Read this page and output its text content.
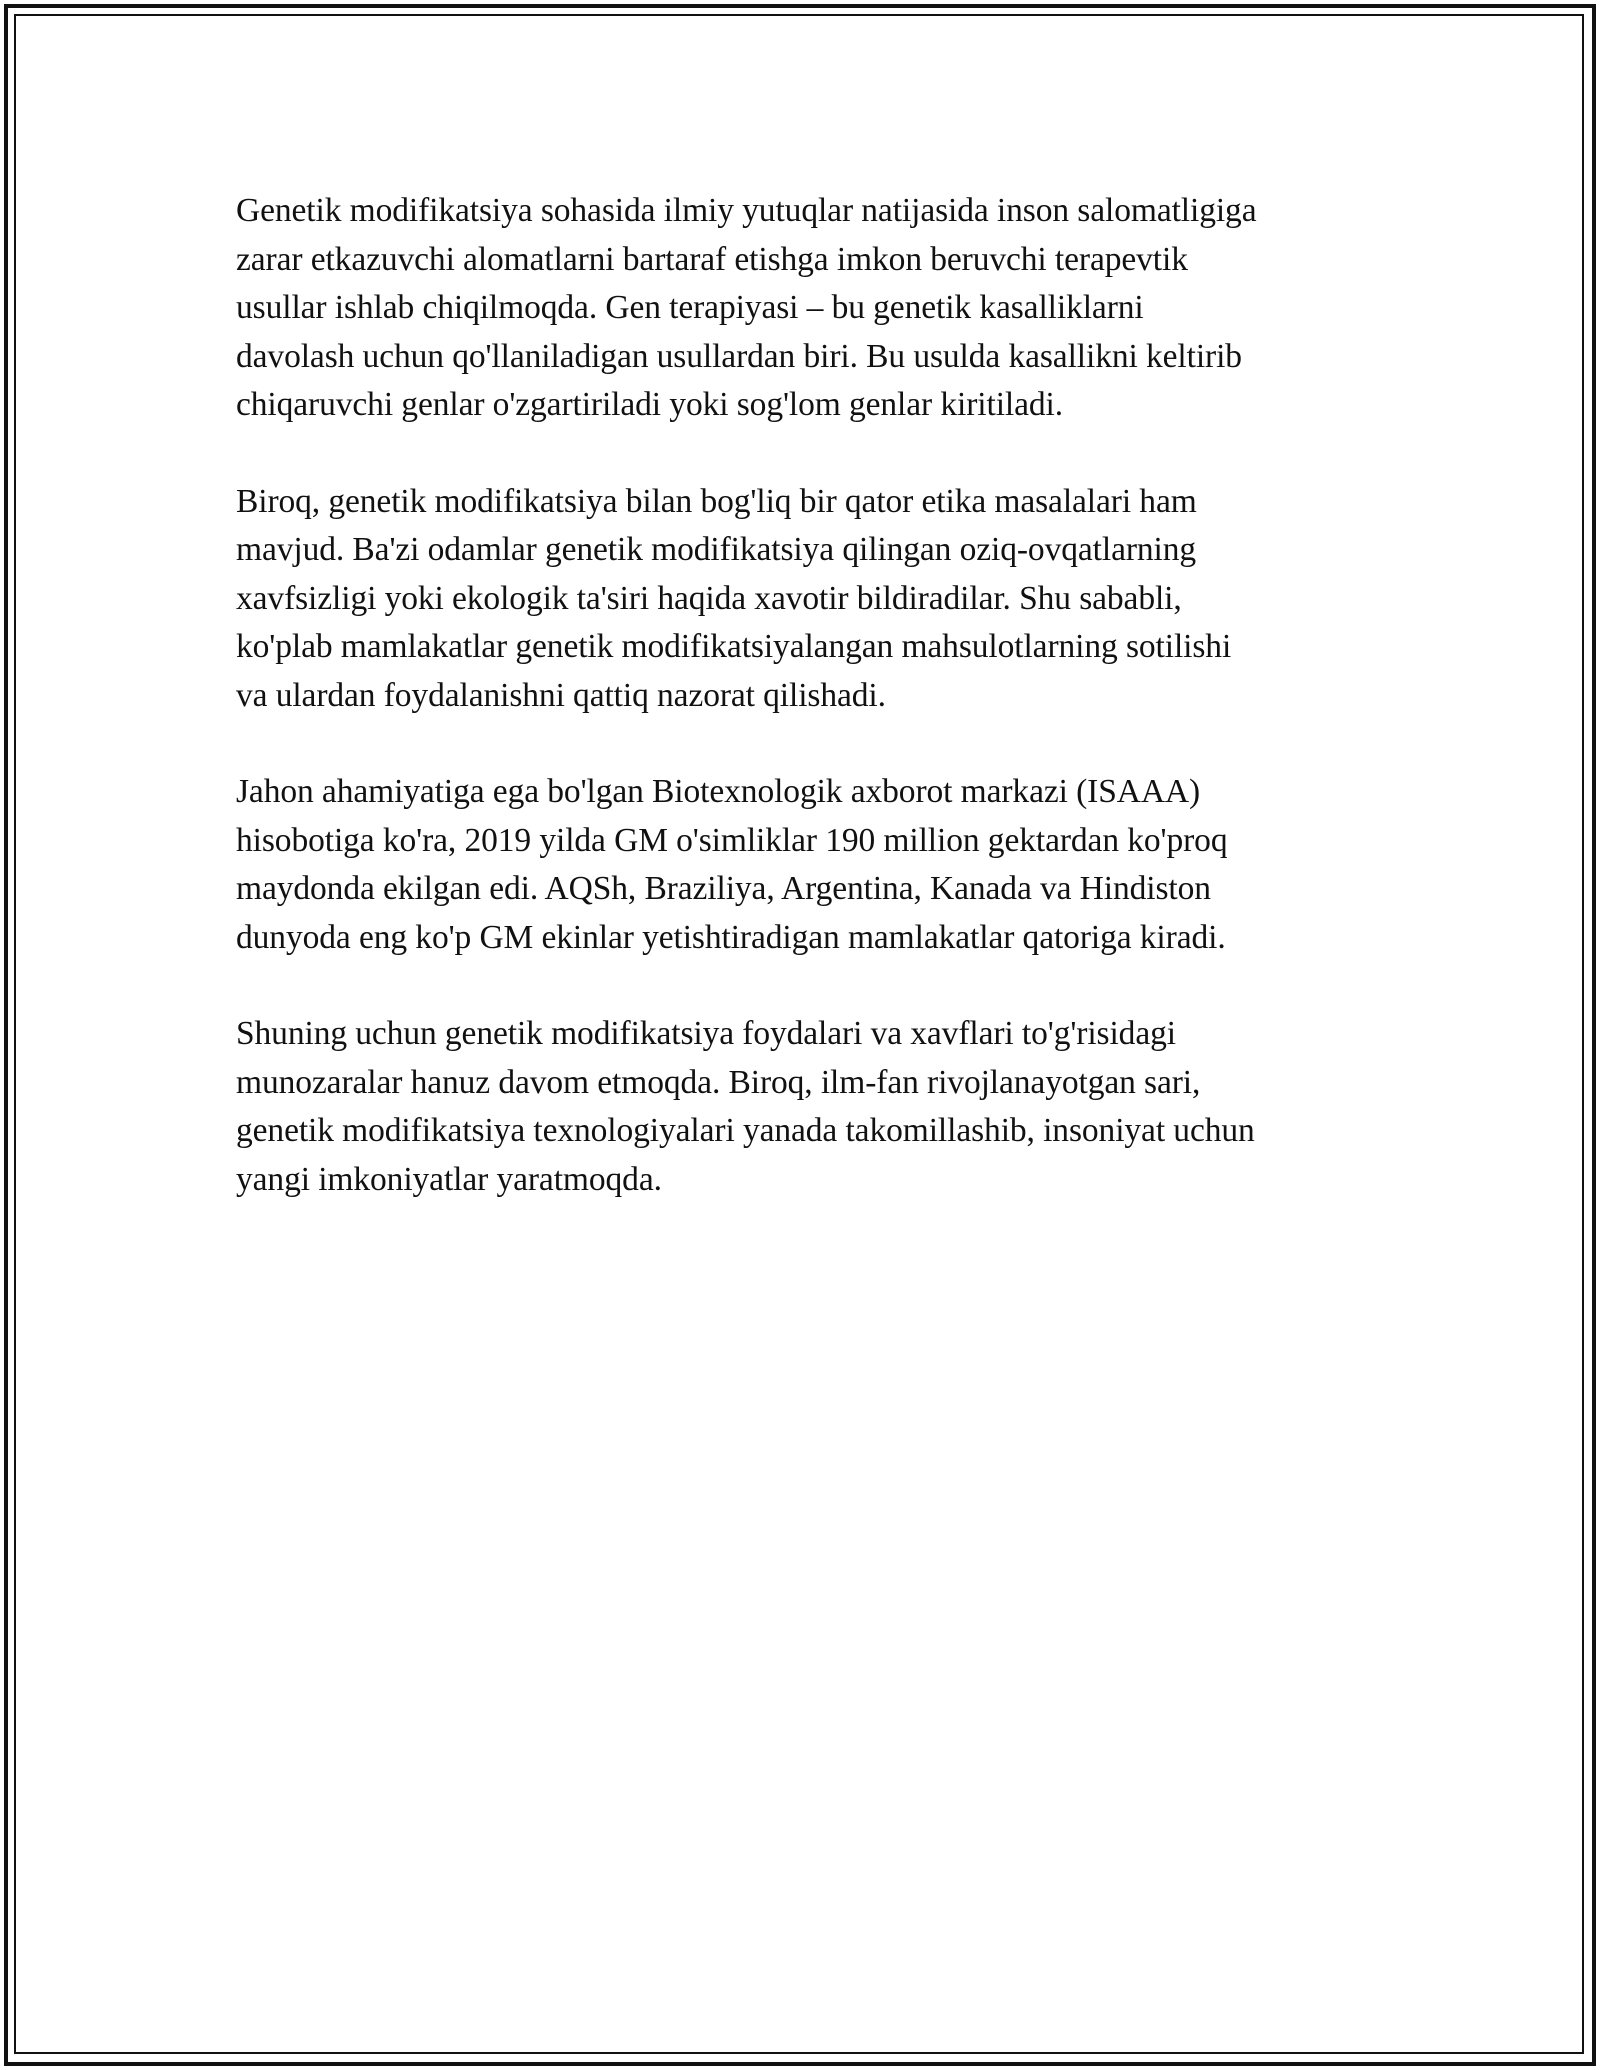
Genetik modifikatsiya sohasida ilmiy yutuqlar natijasida inson salomatligiga
zarar etkazuvchi alomatlarni bartaraf etishga imkon beruvchi terapevtik
usullar ishlab chiqilmoqda. Gen terapiyasi – bu genetik kasalliklarni
davolash uchun qo'llaniladigan usullardan biri. Bu usulda kasallikni keltirib
chiqaruvchi genlar o'zgartiriladi yoki sog'lom genlar kiritiladi.

Biroq, genetik modifikatsiya bilan bog'liq bir qator etika masalalari ham
mavjud. Ba'zi odamlar genetik modifikatsiya qilingan oziq-ovqatlarning
xavfsizligi yoki ekologik ta'siri haqida xavotir bildiradilar. Shu sababli,
ko'plab mamlakatlar genetik modifikatsiyalangan mahsulotlarning sotilishi
va ulardan foydalanishni qattiq nazorat qilishadi.

Jahon ahamiyatiga ega bo'lgan Biotexnologik axborot markazi (ISAAA)
hisobotiga ko'ra, 2019 yilda GM o'simliklar 190 million gektardan ko'proq
maydonda ekilgan edi. AQSh, Braziliya, Argentina, Kanada va Hindiston
dunyoda eng ko'p GM ekinlar yetishtiradigan mamlakatlar qatoriga kiradi.

Shuning uchun genetik modifikatsiya foydalari va xavflari to'g'risidagi
munozaralar hanuz davom etmoqda. Biroq, ilm-fan rivojlanayotgan sari,
genetik modifikatsiya texnologiyalari yanada takomillashib, insoniyat uchun
yangi imkoniyatlar yaratmoqda.
